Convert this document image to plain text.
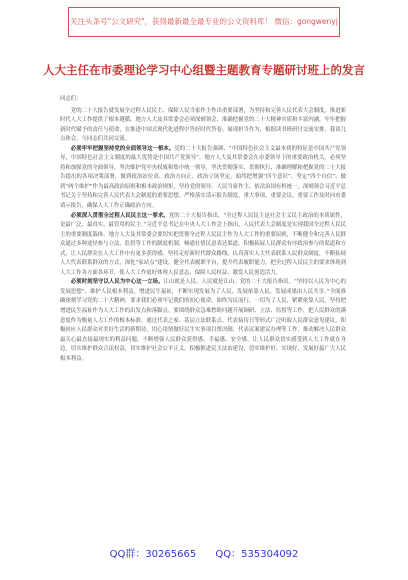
关注头条号"公文研究"，获得最新最全最专业的公文资料库！ 微信：gongwenyj
人大主任在市委理论学习中心组暨主题教育专题研讨班上的发言

同志们：

党的二十大报告就发展全过程人民民主、保障人民当家作主作出重要部署，为坚持和完善人民代表大会制度，推进新时代人大工作提供了根本遵循。地方人大及其常委会必须深刻领会、准确把握党的二十大精神实质和丰富内涵，牢牢把握新时代赋予的责任与使命，在推进中国式现代化进程中答好时代答卷。展现担当作为，根据读书班研讨交流安排，我谈几点体会，与同志们共同交流。

必须牢牢把握坚持党的全面领导这一根本。党的二十大报告强调，“中国特色社会主义最本质的特征是中国共产党领导，中国特色社会主义制度的最大优势是中国共产党领导”。地方人大及其常委会在市委领导下的重要政治机关，必须坚持和加强党的全面领导，坚决维护党中央权威和集中统一领导，坚决贯彻落实、贯彻执行、准确理解和把握党的二十大报告提出的各项决策部署，做到政治站位高、政治方向正、政治立场坚定。始终把增强“四个意识”、坚定“四个自信”、做到“两个维护”作为最高政治原则和根本政治规矩，坚持党的领导、人民当家作主、依法治国有机统一。深刻领会习近平总书记关于坚持和完善人民代表大会制度的重要思想。严格落实请示报告制度，重大事项、重要会议、重要工作及时向市委请示报告，确保人大工作正确政治方向。

必须深入贯彻全过程人民民主这一要求。党的二十大报告指出，“全过程人民民主是社会主义民主政治的本质属性，是最广泛、最真实、最管用的民主。”习近平总书记在中央人大工作会上指出，人民代表大会制度是实现我国全过程人民民主的重要制度载体。地方人大及其常委会要切实把贯彻全过程人民民主作为人大工作的重要原则，不断健全和完善人民群众通过多种途径参与立法、监督等工作的制度机制，畅通社情民意表达渠道，积极拓展人民群众有序政治参与的渠道和方式，让人民群众在人大工作中有更多获得感。坚持走好新时代群众路线，认真落实人大代表联系人民群众制度，不断拓展人大代表联系群众的方式，深化“家站点”建设，健全代表履职平台，提升代表履职能力，把全过程人民民主的要求体现到人大工作各方面各环节，使人大工作更好体现人民意志、保障人民权益、激发人民创造活力。

必须时刻坚守以人民为中心这一立场。江山就是人民，人民就是江山。党的二十大报告指出，“坚持以人民为中心的发展思想”，维护人民根本利益，增进民生福祉，不断实现发展为了人民、发展依靠人民、发展成果由人民共享。”全面准确深刻学习党的二十大精神，要求我们必须牢记我们的初心使命，始终为民而行，一切为了人民、紧紧依靠人民，坚持把增进民生福祉作为人大工作的出发点和落脚点。要围绕群众急难愁盼问题开展调研、立法、监督等工作，把人民群众的满意度作为衡量人大工作的根本标准，通过代表之家、基层立法联系点、代表接待日等形式广泛听取人民群众意见建议，积极回应人民群众对美好生活的新期待，用心用情做好民生实事项目票决制、代表议案建议办理等工作，推动解决人民群众最关心最直接最现实的利益问题，不断增强人民群众获得感、幸福感、安全感，让人民群众切实感受到人大工作就在身边。切实维护群众合法权益，切实维护社会公平正义，积极推进民主法治建设，切实维护好、实现好、发展好最广大人民根本利益。

QQ群：30265665 QQ：535304092
